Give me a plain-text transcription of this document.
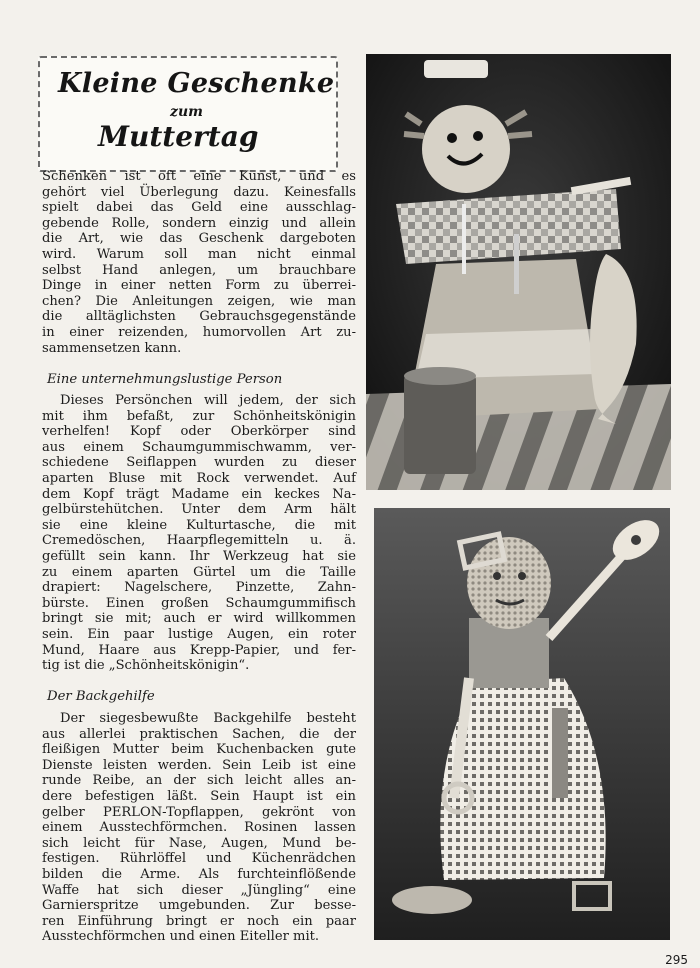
Kleine Geschenke
zum
Muttertag

Schenken ist oft eine Kunst, und es
gehört viel Überlegung dazu. Keinesfalls
spielt dabei das Geld eine ausschlag-
gebende Rolle, sondern einzig und allein
die Art, wie das Geschenk dargeboten
wird. Warum soll man nicht einmal
selbst Hand anlegen, um brauchbare
Dinge in einer netten Form zu überrei-
chen? Die Anleitungen zeigen, wie man
die alltäglichsten Gebrauchsgegenstände
in einer reizenden, humorvollen Art zu-
sammensetzen kann.

Eine unternehmungslustige Person

Dieses Persönchen will jedem, der sich
mit ihm befaßt, zur Schönheitskönigin
verhelfen! Kopf oder Oberkörper sind
aus einem Schaumgummischwamm, ver-
schiedene Seiflappen wurden zu dieser
aparten Bluse mit Rock verwendet. Auf
dem Kopf trägt Madame ein keckes Na-
gelbürstehütchen. Unter dem Arm hält
sie eine kleine Kulturtasche, die mit
Cremedöschen, Haarpflegemitteln u. ä.
gefüllt sein kann. Ihr Werkzeug hat sie
zu einem aparten Gürtel um die Taille
drapiert: Nagelschere, Pinzette, Zahn-
bürste. Einen großen Schaumgummifisch
bringt sie mit; auch er wird willkommen
sein. Ein paar lustige Augen, ein roter
Mund, Haare aus Krepp-Papier, und fer-
tig ist die „Schönheitskönigin“.

Der Backgehilfe

Der siegesbewußte Backgehilfe besteht
aus allerlei praktischen Sachen, die der
fleißigen Mutter beim Kuchenbacken gute
Dienste leisten werden. Sein Leib ist eine
runde Reibe, an der sich leicht alles an-
dere befestigen läßt. Sein Haupt ist ein
gelber PERLON-Topflappen, gekrönt von
einem Ausstechförmchen. Rosinen lassen
sich leicht für Nase, Augen, Mund be-
festigen. Rührlöffel und Küchenrädchen
bilden die Arme. Als furchteinflößende
Waffe hat sich dieser „Jüngling“ eine
Garnierspritze umgebunden. Zur besse-
ren Einführung bringt er noch ein paar
Ausstechförmchen und einen Eiteller mit.

295
